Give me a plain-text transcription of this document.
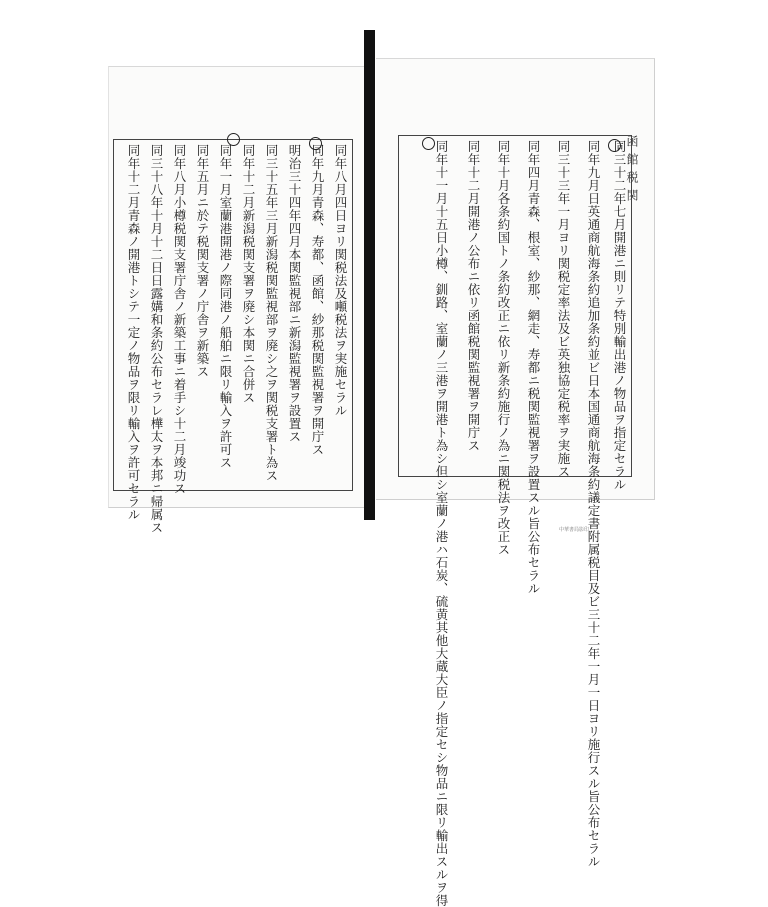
同年八月四日ヨリ関税法及噸税法ヲ実施セラル
同年九月青森、寿都、函館、紗那税関監視署ヲ開庁ス
明治三十四年四月本関監視部ニ新潟監視署ヲ設置ス
同三十五年三月新潟税関監視部ヲ廃シ之ヲ関税支署ト為ス
同年十二月新潟税関支署ヲ廃シ本関ニ合併ス
同年一月室蘭港開港ノ際同港ノ船舶ニ限リ輸入ヲ許可ス
同年五月ニ於テ税関支署ノ庁舎ヲ新築ス
同年八月小樽税関支署庁舎ノ新築工事ニ着手シ十二月竣功ス
同三十八年十月十二日日露媾和条約公布セラレ樺太ヲ本邦ニ帰属ス
同年十二月青森ノ開港トシテ一定ノ物品ヲ限リ輸入ヲ許可セラル	同三十二年七月開港ニ則リテ特別輸出港ノ物品ヲ指定セラル
同年九月日英通商航海条約追加条約並ビ日本国通商航海条約議定書附属税目及ビ三十二年一月一日ヨリ施行スル旨公布セラル
同三十三年一月ヨリ関税定率法及ビ英独協定税率ヲ実施ス
同年四月青森、根室、紗那、網走、寿都ニ税関監視署ヲ設置スル旨公布セラル
同年十月各条約国トノ条約改正ニ依リ新条約施行ノ為ニ関税法ヲ改正ス
同年十二月開港ノ公布ニ依リ函館税関監視署ヲ開庁ス
同年十一月十五日小樽、釧路、室蘭ノ三港ヲ開港ト為シ但シ室蘭ノ港ハ石炭、硫黄其他大蔵大臣ノ指定セシ物品ニ限リ輸出スルヲ得	中華書局影印
函館税関
